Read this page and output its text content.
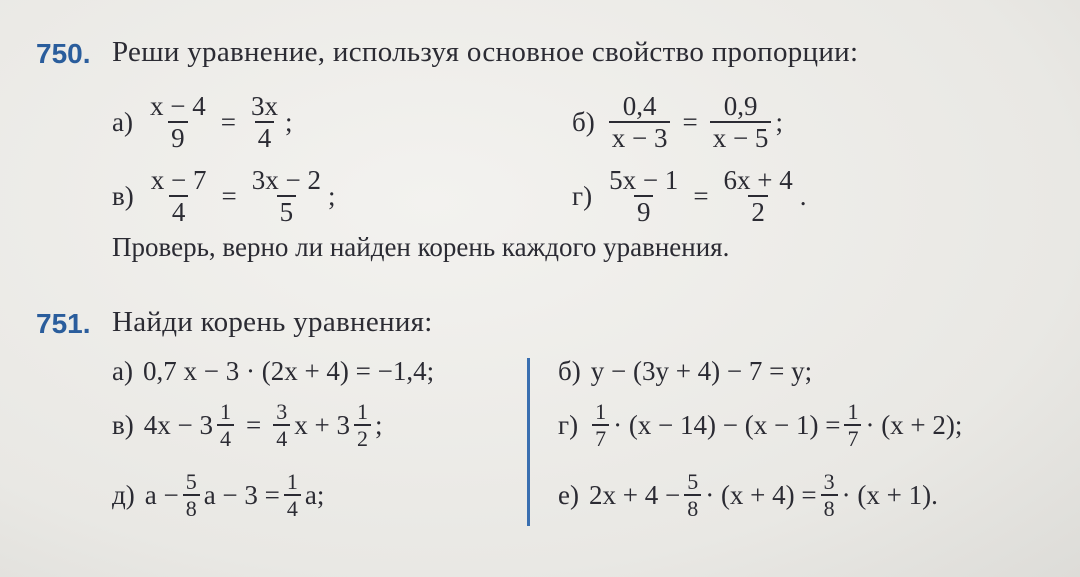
750. Реши уравнение, используя основное свойство пропорции:
$а) \frac{x - 4}{9} = \frac{3x}{4}$ ;	$б) \frac{0,4}{x - 3} = \frac{0,9}{x - 5}$ ;
$в) \frac{x - 7}{4} = \frac{3x - 2}{5}$ ;	$г) \frac{5x - 1}{9} = \frac{6x + 4}{2}$ .
Проверь, верно ли найден корень каждого уравнения.
751. Найди корень уравнения:
а) 0,7 x − 3 · (2x + 4) = −1,4;	б) y − (3y + 4) − 7 = y;
в) $4x - 3 \frac{1}{4} = \frac{3}{4}$ $x + 3 \frac{1}{2}$ ;	$г) \frac{1}{7} \cdot (x - 14) - (x - 1) = \frac{1}{7} \cdot (x + 2)$;
д) $a - \frac{5}{8}$ $a - 3 = \frac{1}{4} a$;	е) $2x + 4 - \frac{5}{8} \cdot (x + 4) = \frac{3}{8} \cdot (x + 1)$.
